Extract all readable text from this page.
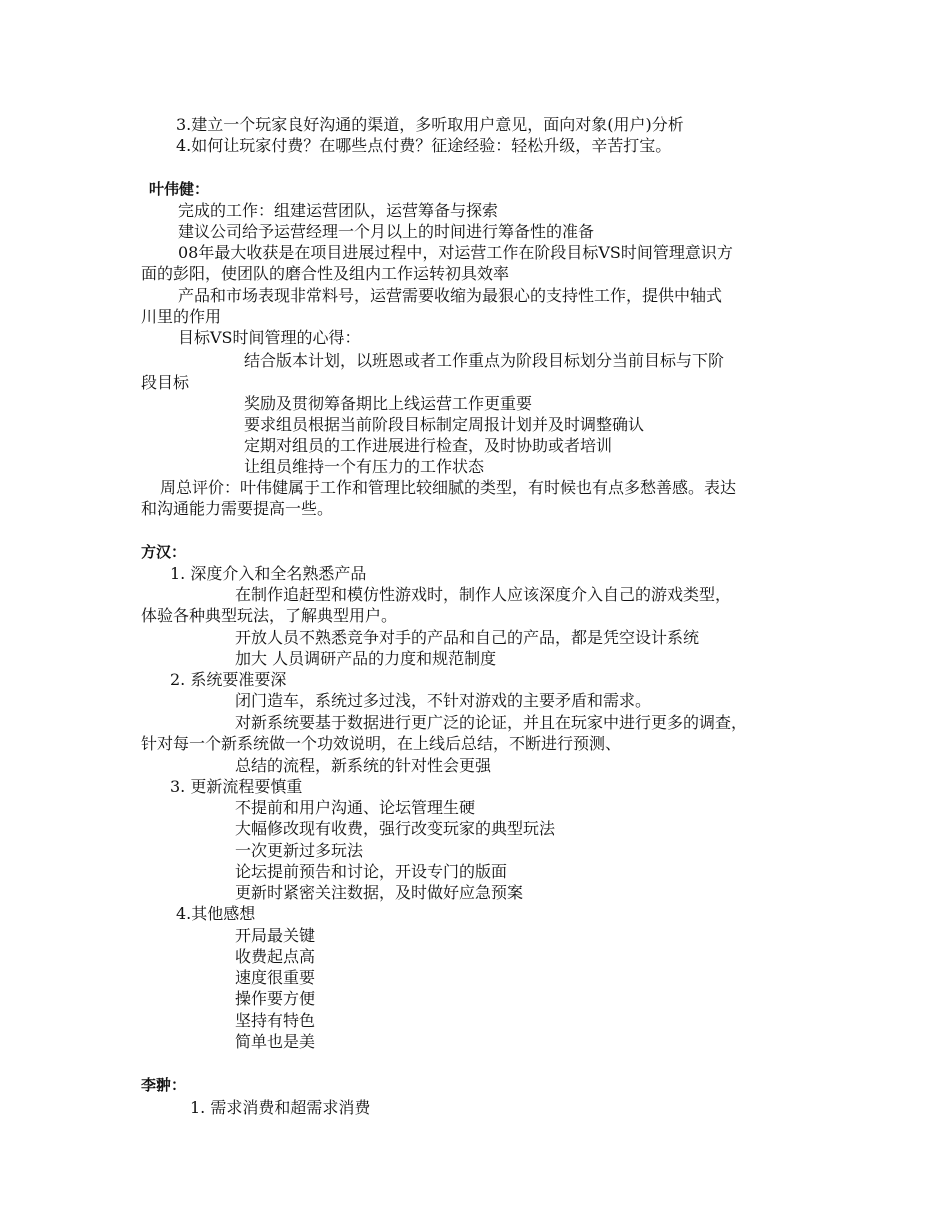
3.建立一个玩家良好沟通的渠道，多听取用户意见，面向对象(用户)分析
4.如何让玩家付费？在哪些点付费？征途经验：轻松升级，辛苦打宝。
叶伟健：
完成的工作：组建运营团队，运营筹备与探索
建议公司给予运营经理一个月以上的时间进行筹备性的准备
08年最大收获是在项目进展过程中，对运营工作在阶段目标VS时间管理意识方
面的彭阳，使团队的磨合性及组内工作运转初具效率
产品和市场表现非常料号，运营需要收缩为最狠心的支持性工作，提供中轴式
川里的作用
目标VS时间管理的心得：
结合版本计划，以班恩或者工作重点为阶段目标划分当前目标与下阶
段目标
奖励及贯彻筹备期比上线运营工作更重要
要求组员根据当前阶段目标制定周报计划并及时调整确认
定期对组员的工作进展进行检查，及时协助或者培训
让组员维持一个有压力的工作状态
周总评价：叶伟健属于工作和管理比较细腻的类型，有时候也有点多愁善感。表达
和沟通能力需要提高一些。
方汉：
1. 深度介入和全名熟悉产品
在制作追赶型和模仿性游戏时，制作人应该深度介入自己的游戏类型，
体验各种典型玩法，了解典型用户。
开放人员不熟悉竞争对手的产品和自己的产品，都是凭空设计系统
加大 人员调研产品的力度和规范制度
2. 系统要准要深
闭门造车，系统过多过浅，不针对游戏的主要矛盾和需求。
对新系统要基于数据进行更广泛的论证，并且在玩家中进行更多的调查，
针对每一个新系统做一个功效说明，在上线后总结，不断进行预测、
总结的流程，新系统的针对性会更强
3. 更新流程要慎重
不提前和用户沟通、论坛管理生硬
大幅修改现有收费，强行改变玩家的典型玩法
一次更新过多玩法
论坛提前预告和讨论，开设专门的版面
更新时紧密关注数据，及时做好应急预案
4.其他感想
开局最关键
收费起点高
速度很重要
操作要方便
坚持有特色
简单也是美
李翀：
1. 需求消费和超需求消费
